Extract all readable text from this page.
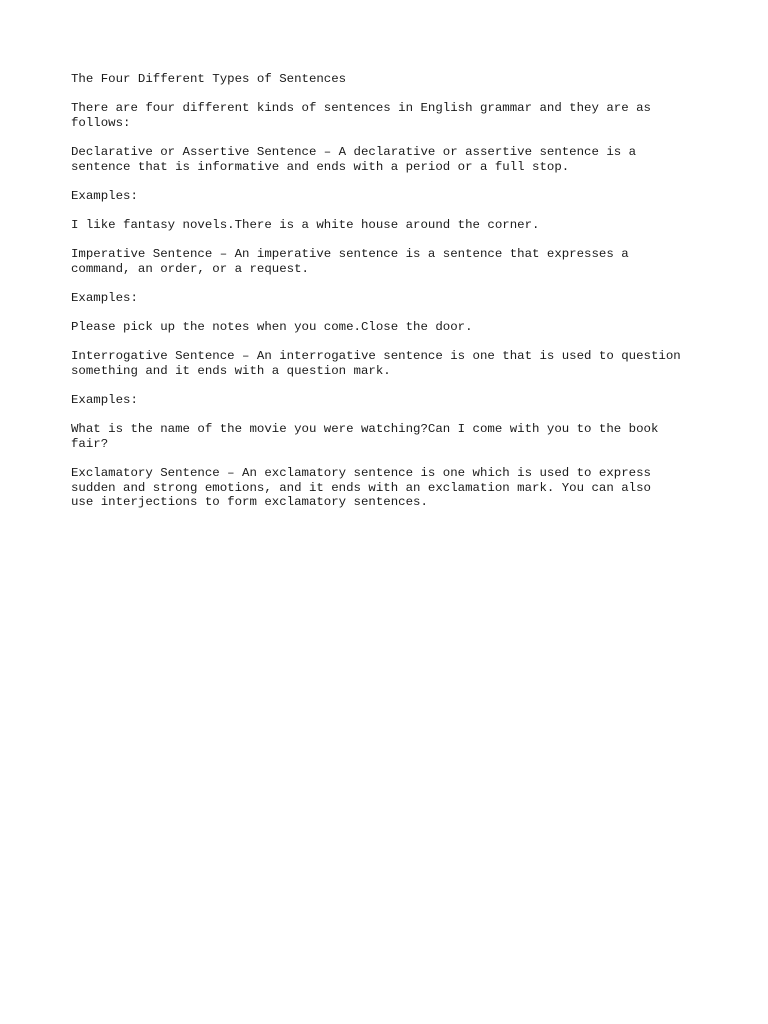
The Four Different Types of Sentences

There are four different kinds of sentences in English grammar and they are as
follows:

Declarative or Assertive Sentence – A declarative or assertive sentence is a
sentence that is informative and ends with a period or a full stop.

Examples:

I like fantasy novels.There is a white house around the corner.

Imperative Sentence – An imperative sentence is a sentence that expresses a
command, an order, or a request.

Examples:

Please pick up the notes when you come.Close the door.

Interrogative Sentence – An interrogative sentence is one that is used to question
something and it ends with a question mark.

Examples:

What is the name of the movie you were watching?Can I come with you to the book
fair?

Exclamatory Sentence – An exclamatory sentence is one which is used to express
sudden and strong emotions, and it ends with an exclamation mark. You can also
use interjections to form exclamatory sentences.
